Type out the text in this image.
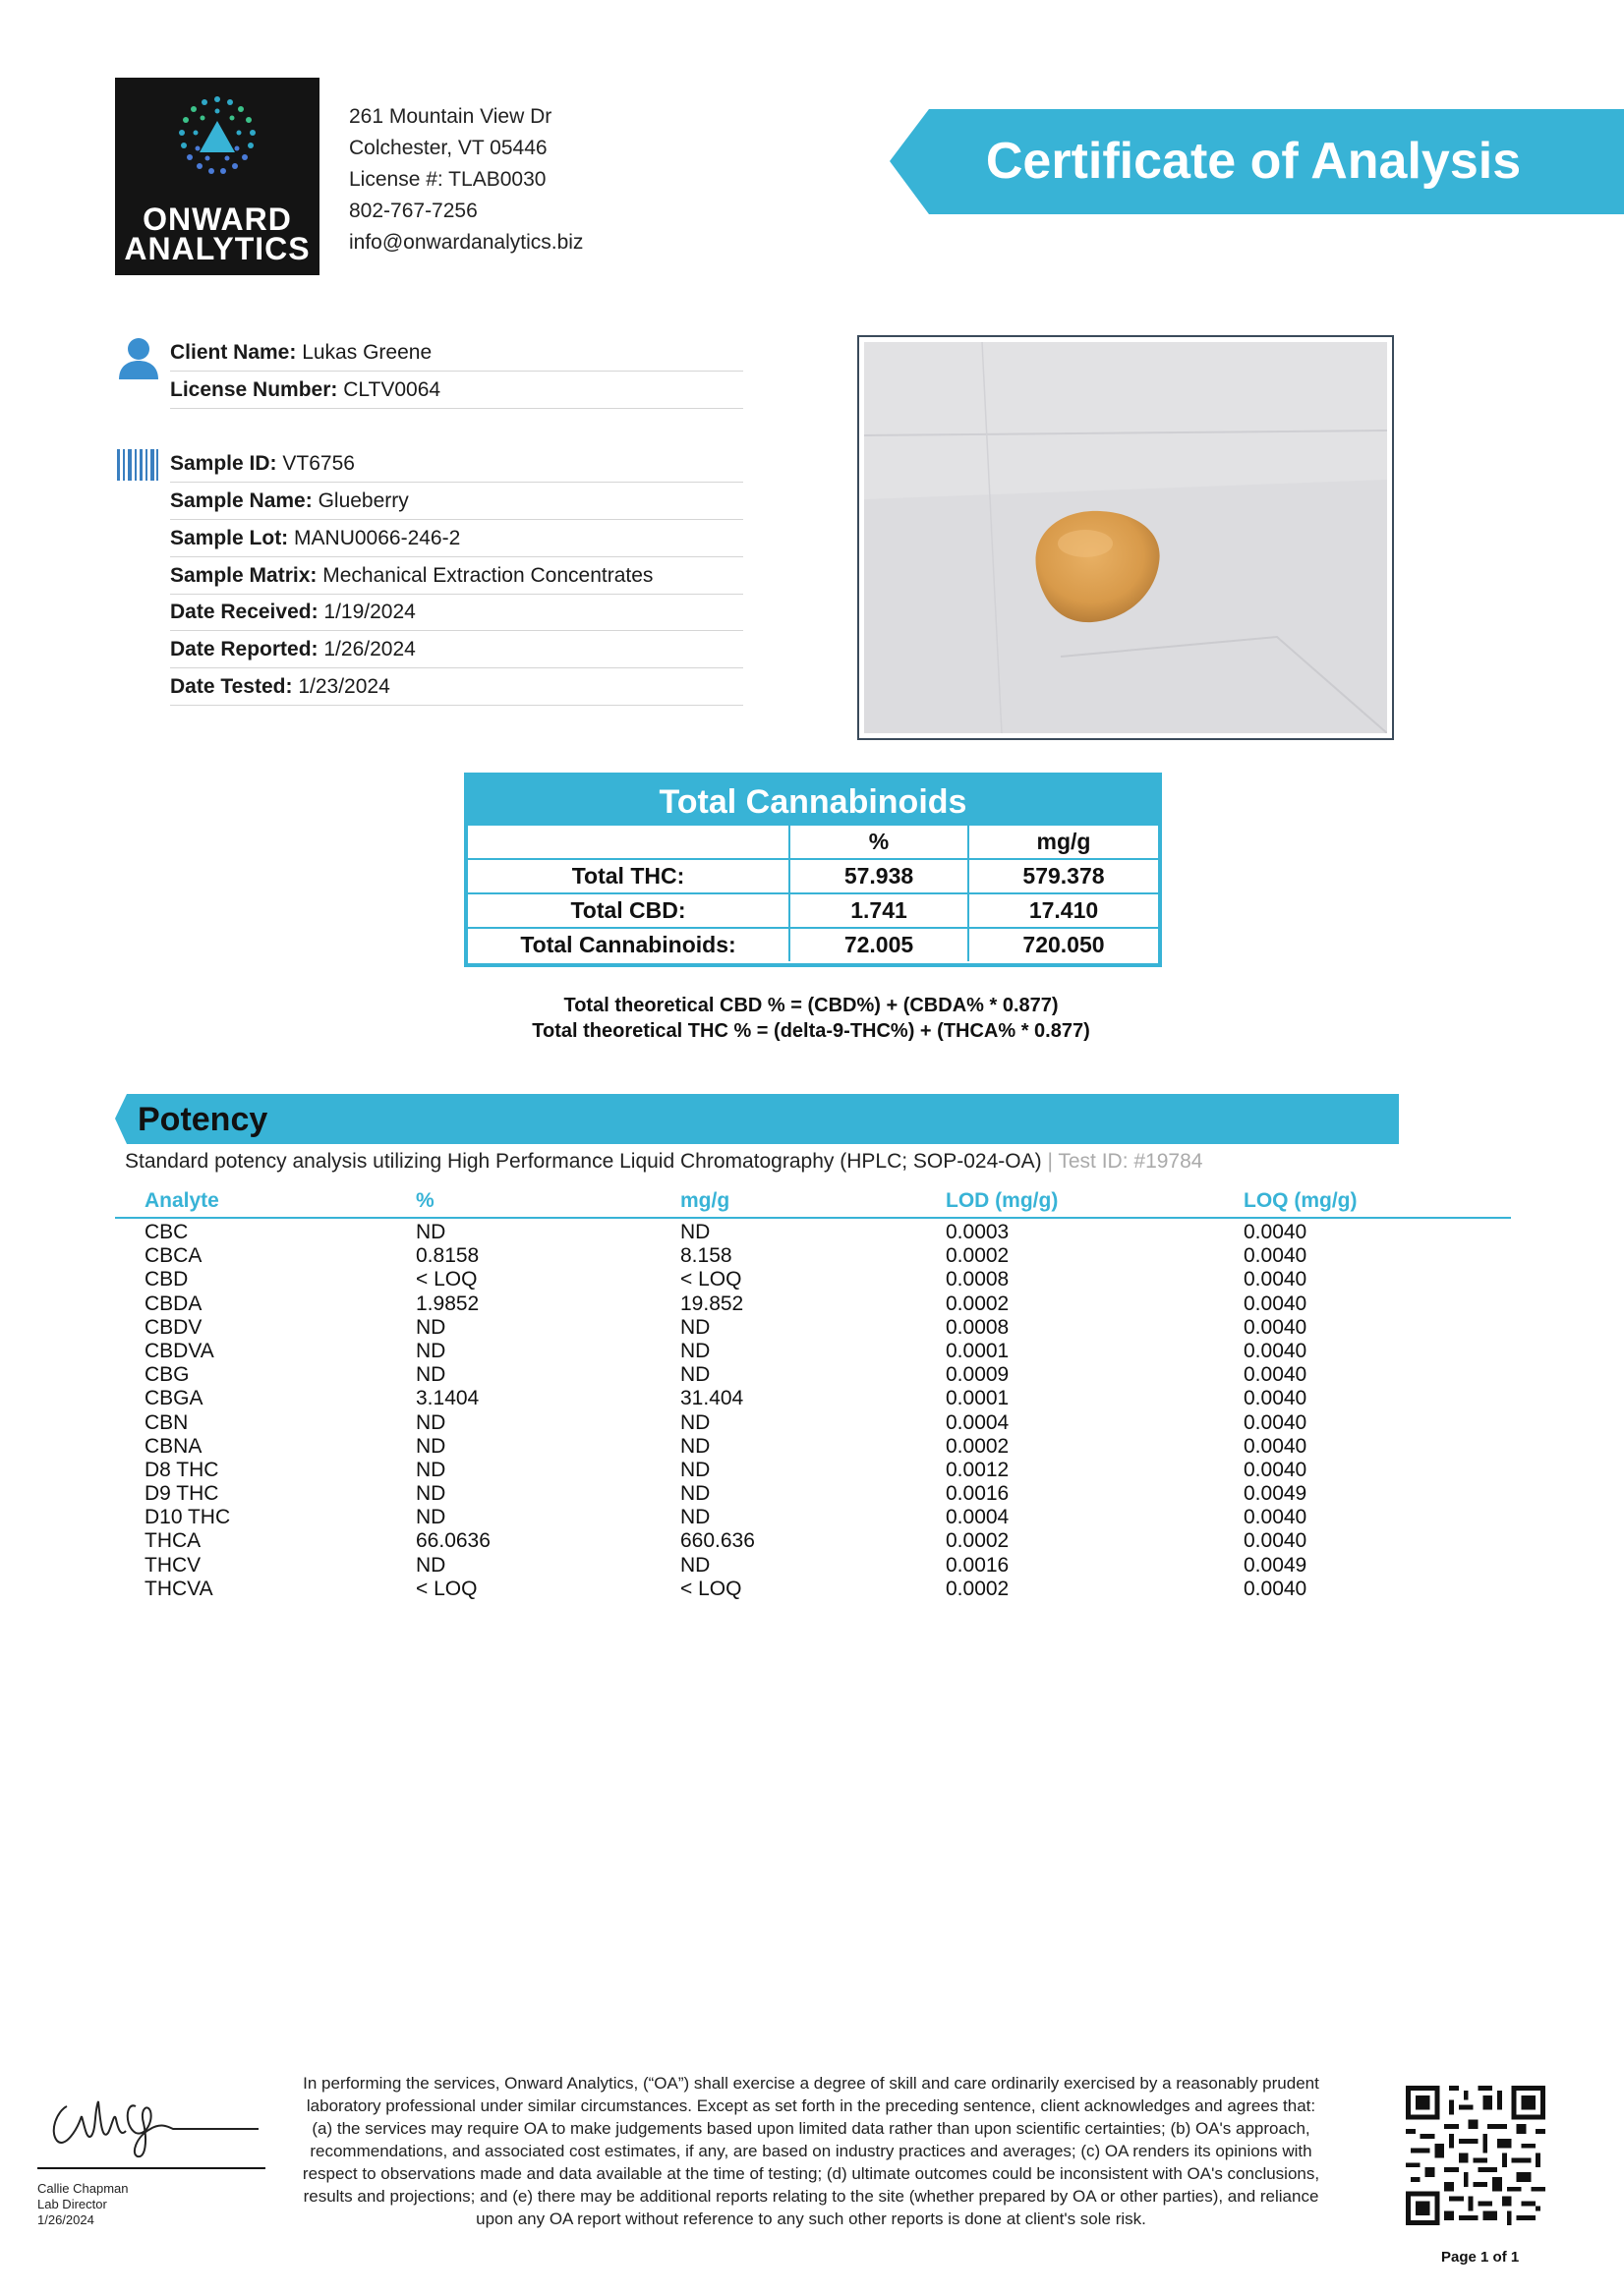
ONWARD
ANALYTICS
261 Mountain View Dr
Colchester, VT 05446
License #: TLAB0030
802-767-7256
info@onwardanalytics.biz
Certificate of Analysis
Client Name: Lukas Greene
License Number: CLTV0064
Sample ID: VT6756
Sample Name: Glueberry
Sample Lot: MANU0066-246-2
Sample Matrix: Mechanical Extraction Concentrates
Date Received: 1/19/2024
Date Reported: 1/26/2024
Date Tested: 1/23/2024
Total Cannabinoids
	%	mg/g
Total THC:	57.938	579.378
Total CBD:	1.741	17.410
Total Cannabinoids:	72.005	720.050
Total theoretical CBD % = (CBD%) + (CBDA% * 0.877)
Total theoretical THC % = (delta-9-THC%) + (THCA% * 0.877)
Potency
Standard potency analysis utilizing High Performance Liquid Chromatography (HPLC; SOP-024-OA) | Test ID: #19784
Analyte	%	mg/g	LOD (mg/g)	LOQ (mg/g)
CBC	ND	ND	0.0003	0.0040
CBCA	0.8158	8.158	0.0002	0.0040
CBD	< LOQ	< LOQ	0.0008	0.0040
CBDA	1.9852	19.852	0.0002	0.0040
CBDV	ND	ND	0.0008	0.0040
CBDVA	ND	ND	0.0001	0.0040
CBG	ND	ND	0.0009	0.0040
CBGA	3.1404	31.404	0.0001	0.0040
CBN	ND	ND	0.0004	0.0040
CBNA	ND	ND	0.0002	0.0040
D8 THC	ND	ND	0.0012	0.0040
D9 THC	ND	ND	0.0016	0.0049
D10 THC	ND	ND	0.0004	0.0040
THCA	66.0636	660.636	0.0002	0.0040
THCV	ND	ND	0.0016	0.0049
THCVA	< LOQ	< LOQ	0.0002	0.0040
Callie Chapman
Lab Director
1/26/2024
In performing the services, Onward Analytics, (“OA”) shall exercise a degree of skill and care ordinarily exercised by a reasonably prudent laboratory professional under similar circumstances. Except as set forth in the preceding sentence, client acknowledges and agrees that: (a) the services may require OA to make judgements based upon limited data rather than upon scientific certainties; (b) OA's approach, recommendations, and associated cost estimates, if any, are based on industry practices and averages; (c) OA renders its opinions with respect to observations made and data available at the time of testing; (d) ultimate outcomes could be inconsistent with OA's conclusions, results and projections; and (e) there may be additional reports relating to the site (whether prepared by OA or other parties), and reliance upon any OA report without reference to any such other reports is done at client's sole risk.
Page 1 of 1
